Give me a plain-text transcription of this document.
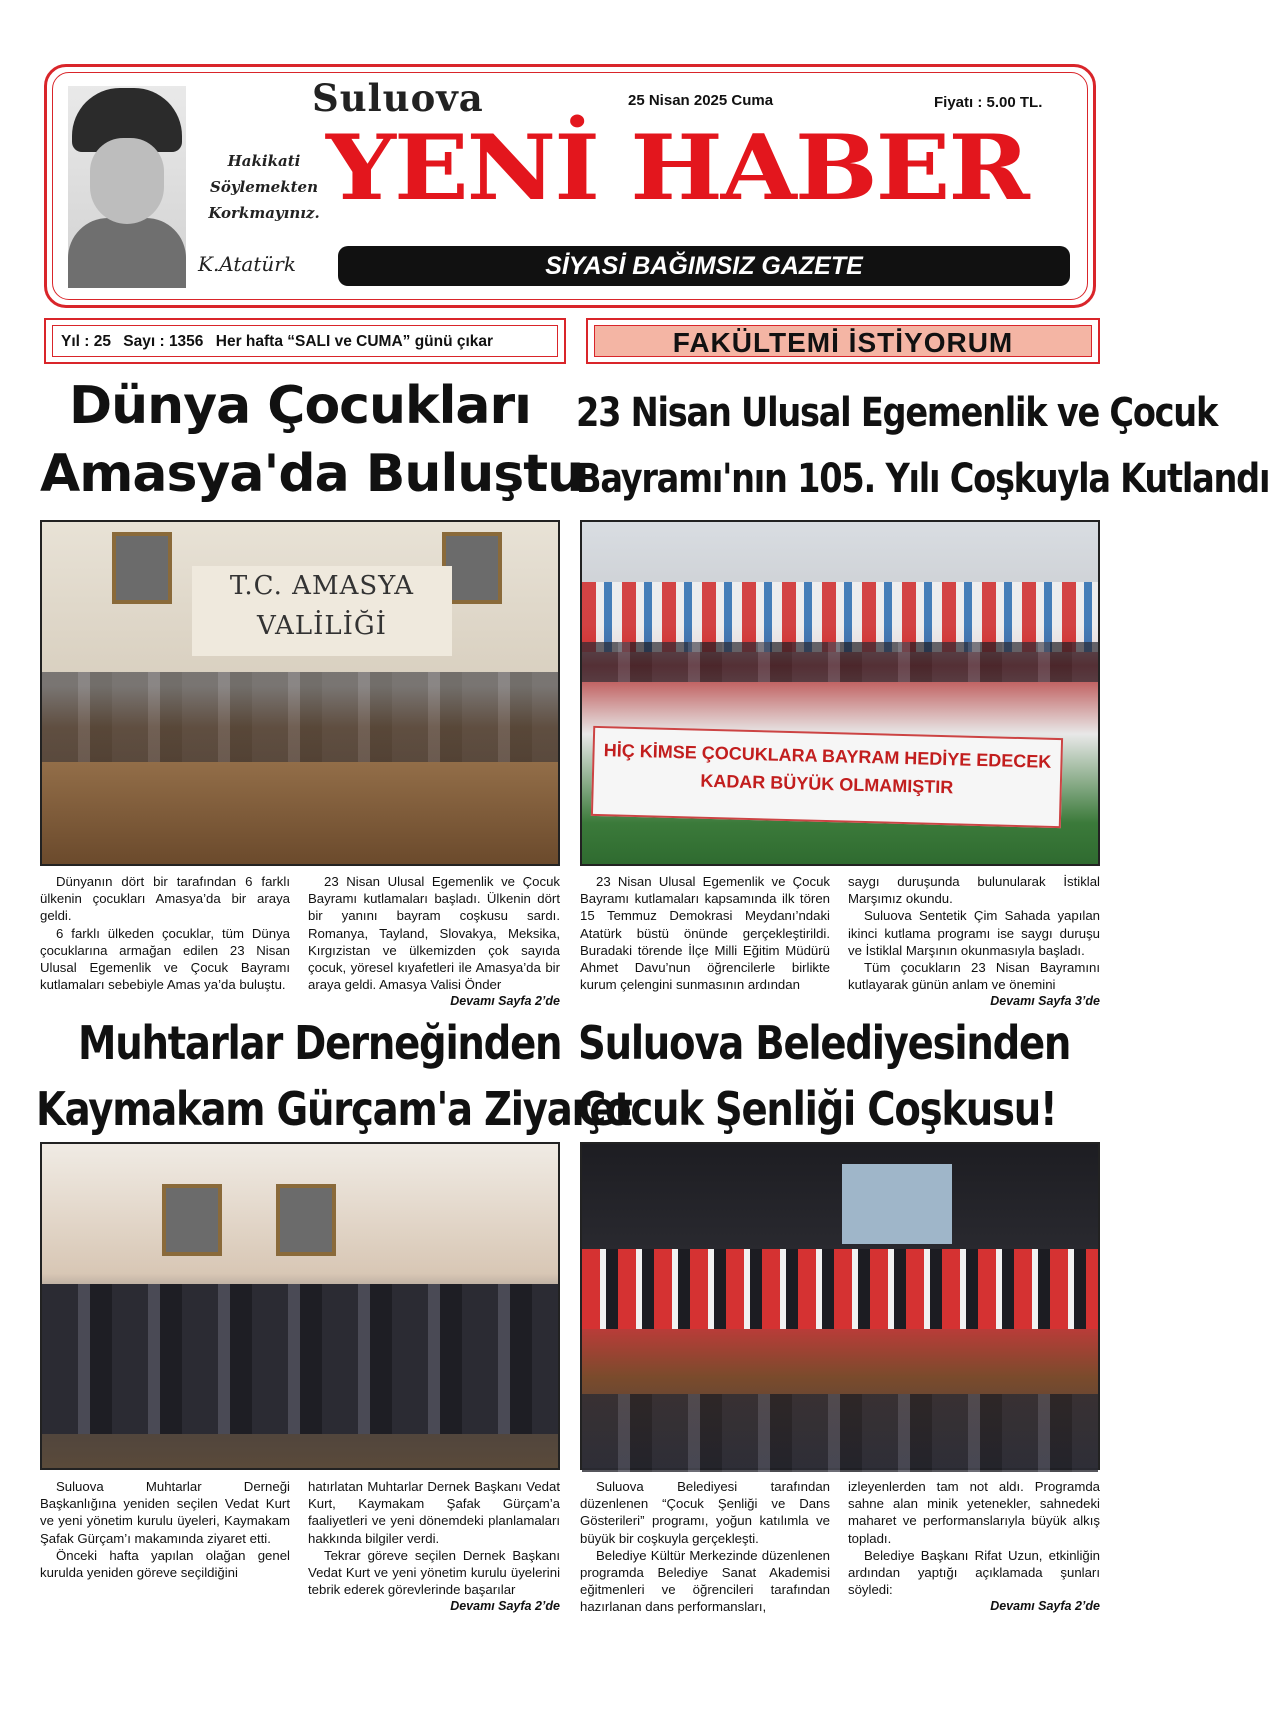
Hakikati
Söylemekten
Korkmayınız.
K.Atatürk
Suluova	25 Nisan 2025 Cuma	Fiyatı : 5.00 TL.
YENİ HABER
SİYASİ BAĞIMSIZ GAZETE
Yıl : 25 Sayı : 1356 Her hafta “SALI ve CUMA” günü çıkar	FAKÜLTEMİ İSTİYORUM
Dünya Çocukları
Amasya'da Buluştu
T.C. AMASYA VALİLİĞİ

Dünyanın dört bir tarafından 6 farklı ülkenin çocukları Amasya’da bir araya geldi.

6 farklı ülkeden çocuklar, tüm Dünya çocuklarına armağan edilen 23 Nisan Ulusal Egemenlik ve Çocuk Bayramı kutlamaları sebebiyle Amas ya’da buluştu.

23 Nisan Ulusal Egemenlik ve Çocuk Bayramı kutlamaları başladı. Ülkenin dört bir yanını bayram coşkusu sardı. Romanya, Tayland, Slovakya, Meksika, Kırgızistan ve ülkemizden çok sayıda çocuk, yöresel kıyafetleri ile Amasya’da bir araya geldi. Amasya Valisi Önder

Devamı Sayfa 2’de
23 Nisan Ulusal Egemenlik ve Çocuk
Bayramı'nın 105. Yılı Coşkuyla Kutlandı
HİÇ KİMSE ÇOCUKLARA BAYRAM HEDİYE EDECEK KADAR BÜYÜK OLMAMIŞTIR

23 Nisan Ulusal Egemenlik ve Çocuk Bayramı kutlamaları kapsamında ilk tören 15 Temmuz Demokrasi Meydanı’ndaki Atatürk büstü önünde gerçekleştirildi. Buradaki törende İlçe Milli Eğitim Müdürü Ahmet Davu’nun öğrencilerle birlikte kurum çelengini sunmasının ardından

saygı duruşunda bulunularak İstiklal Marşımız okundu.

Suluova Sentetik Çim Sahada yapılan ikinci kutlama programı ise saygı duruşu ve İstiklal Marşının okunmasıyla başladı.

Tüm çocukların 23 Nisan Bayramını kutlayarak günün anlam ve önemini

Devamı Sayfa 3’de
Muhtarlar Derneğinden
Kaymakam Gürçam'a Ziyaret

Suluova Muhtarlar Derneği Başkanlığına yeniden seçilen Vedat Kurt ve yeni yönetim kurulu üyeleri, Kaymakam Şafak Gürçam’ı makamında ziyaret etti.

Önceki hafta yapılan olağan genel kurulda yeniden göreve seçildiğini

hatırlatan Muhtarlar Dernek Başkanı Vedat Kurt, Kaymakam Şafak Gürçam’a faaliyetleri ve yeni dönemdeki planlamaları hakkında bilgiler verdi.

Tekrar göreve seçilen Dernek Başkanı Vedat Kurt ve yeni yönetim kurulu üyelerini tebrik ederek görevlerinde başarılar

Devamı Sayfa 2’de
Suluova Belediyesinden
Çocuk Şenliği Coşkusu!

Suluova Belediyesi tarafından düzenlenen “Çocuk Şenliği ve Dans Gösterileri” programı, yoğun katılımla ve büyük bir coşkuyla gerçekleşti.

Belediye Kültür Merkezinde düzenlenen programda Belediye Sanat Akademisi eğitmenleri ve öğrencileri tarafından hazırlanan dans performansları,

izleyenlerden tam not aldı. Programda sahne alan minik yetenekler, sahnedeki maharet ve performanslarıyla büyük alkış topladı.

Belediye Başkanı Rifat Uzun, etkinliğin ardından yaptığı açıklamada şunları söyledi:

Devamı Sayfa 2’de
